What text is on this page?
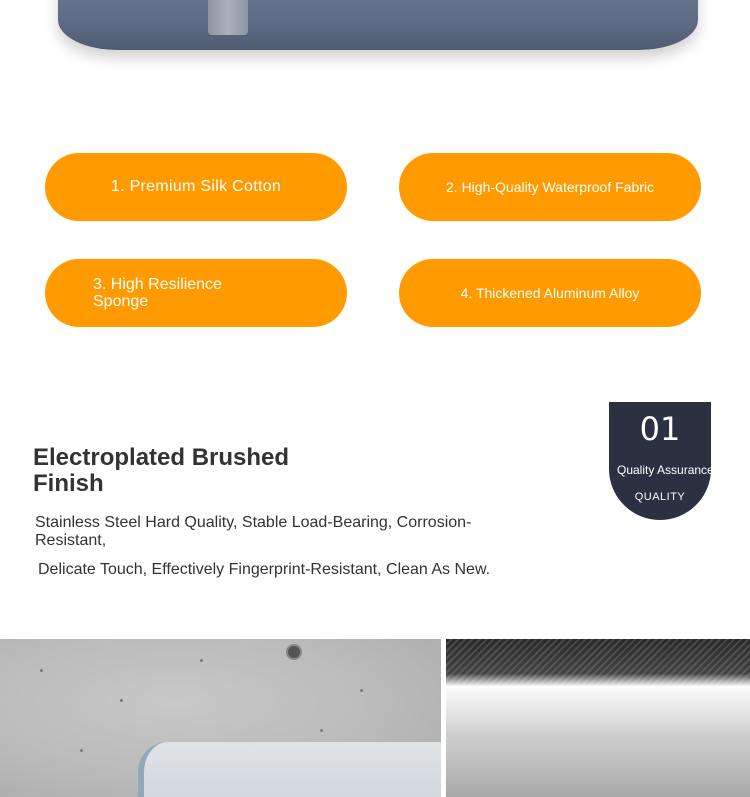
1. Premium Silk Cotton	2. High-Quality Waterproof Fabric
3. High Resilience Sponge	4. Thickened Aluminum Alloy
01
Quality Assurance
QUALITY
Electroplated Brushed Finish
Stainless Steel Hard Quality, Stable Load-Bearing, Corrosion-Resistant,
Delicate Touch, Effectively Fingerprint-Resistant, Clean As New.
